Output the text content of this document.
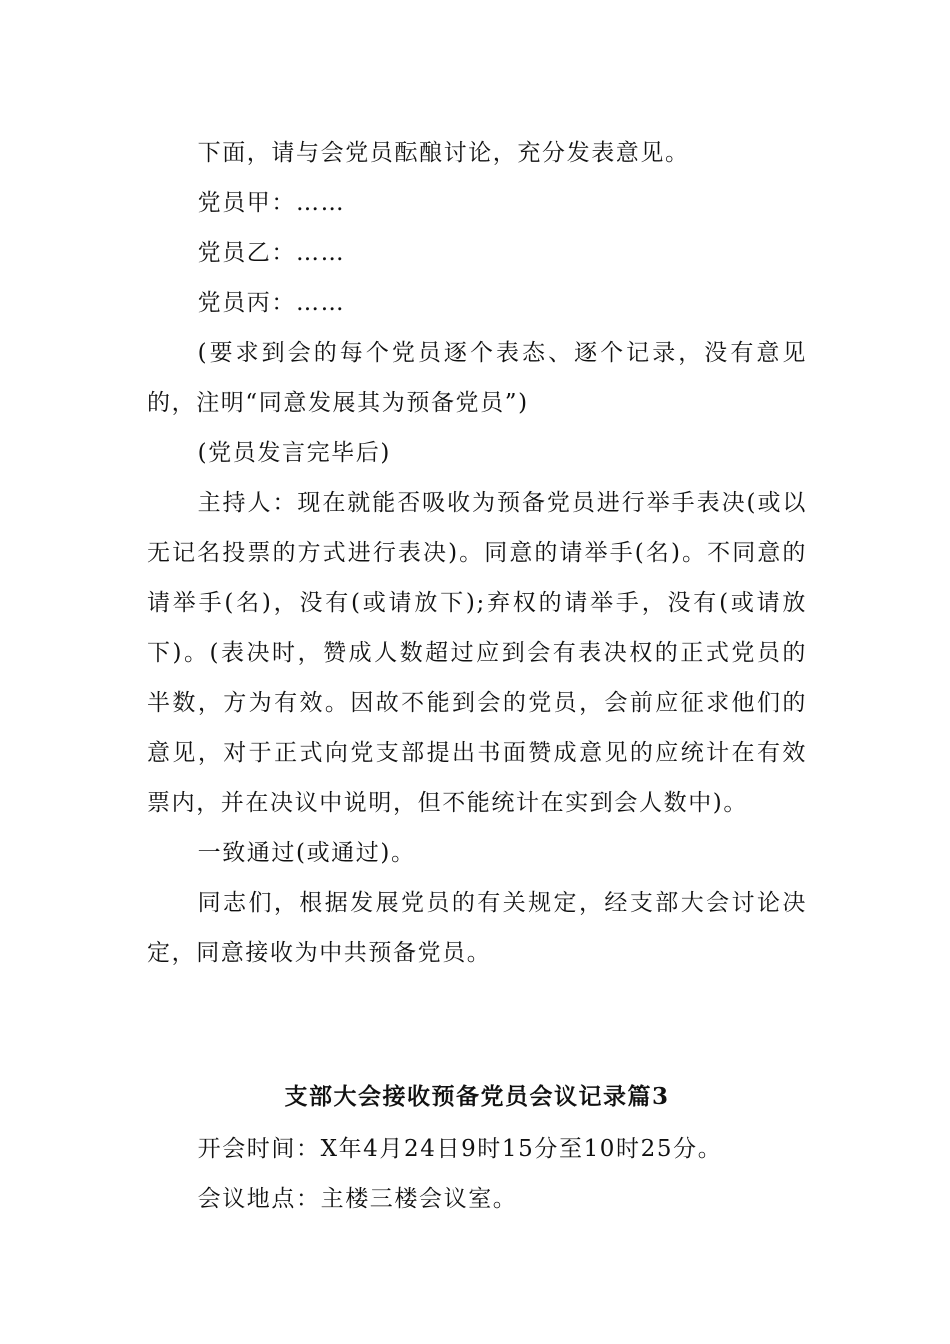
下面，请与会党员酝酿讨论，充分发表意见。

党员甲：……

党员乙：……

党员丙：……

(要求到会的每个党员逐个表态、逐个记录，没有意见的，注明“同意发展其为预备党员”)

(党员发言完毕后)

主持人：现在就能否吸收为预备党员进行举手表决(或以无记名投票的方式进行表决)。同意的请举手(名)。不同意的请举手(名)，没有(或请放下);弃权的请举手，没有(或请放下)。(表决时，赞成人数超过应到会有表决权的正式党员的半数，方为有效。因故不能到会的党员，会前应征求他们的意见，对于正式向党支部提出书面赞成意见的应统计在有效票内，并在决议中说明，但不能统计在实到会人数中)。

一致通过(或通过)。

同志们，根据发展党员的有关规定，经支部大会讨论决定，同意接收为中共预备党员。

支部大会接收预备党员会议记录篇3

开会时间：X年4月24日9时15分至10时25分。

会议地点：主楼三楼会议室。
